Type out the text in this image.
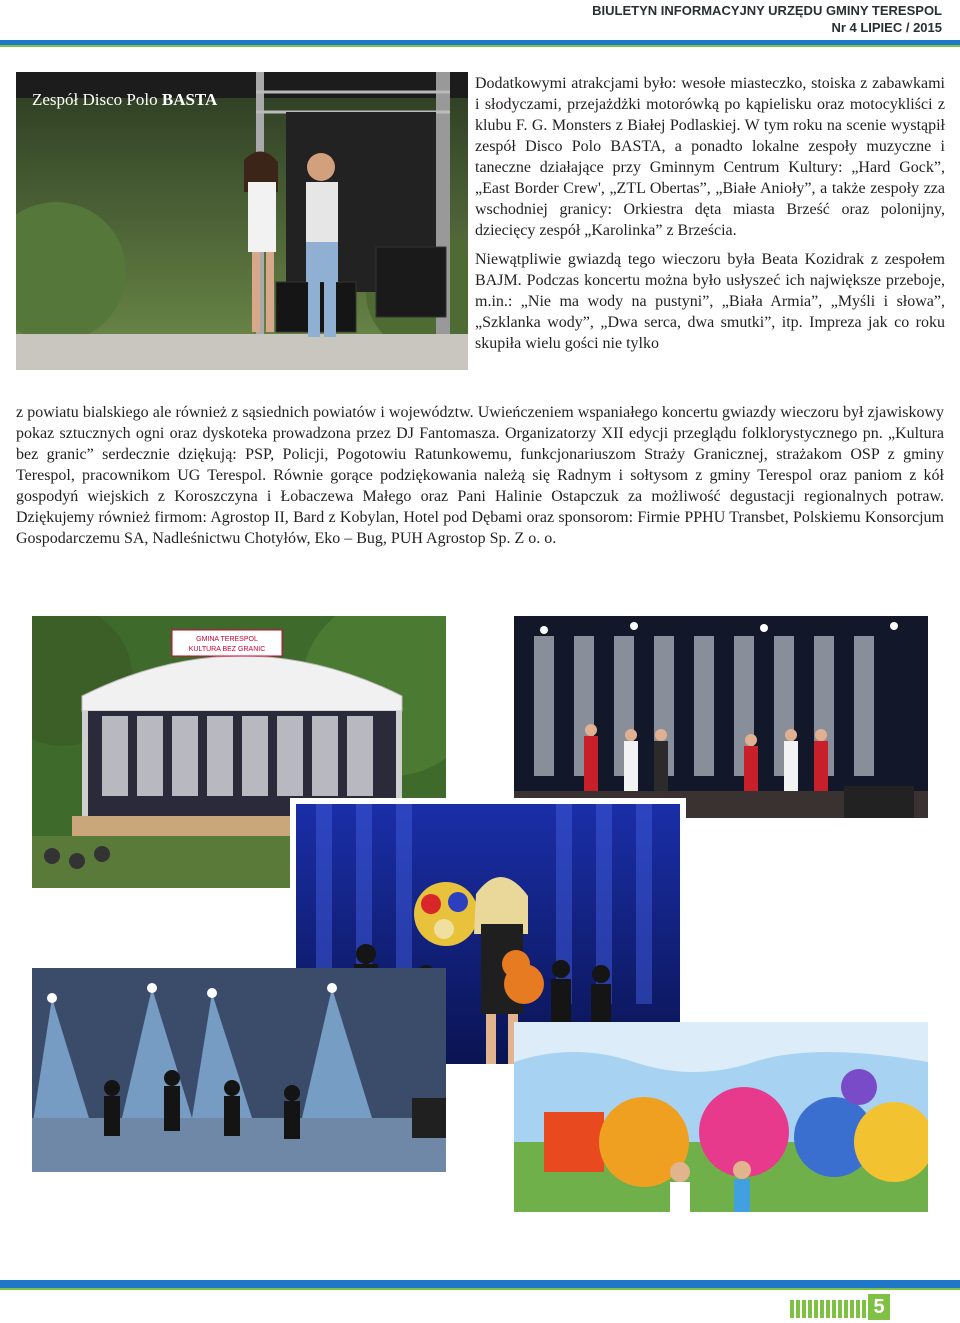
BIULETYN INFORMACYJNY URZĘDU GMINY TERESPOL
Nr 4 LIPIEC / 2015
Zespół Disco Polo BASTA

Dodatkowymi atrakcjami było: wesołe miasteczko, stoiska z zabawkami i słodyczami, przejażdżki motorówką po kąpielisku oraz motocykliści z klubu F. G. Monsters z Białej Podlaskiej. W tym roku na scenie wystąpił zespół Disco Polo BASTA, a ponadto lokalne zespoły muzyczne i taneczne działające przy Gminnym Centrum Kultury: „Hard Gock”, „East Border Crew', „ZTL Obertas”, „Białe Anioły”, a także zespoły zza wschodniej granicy: Orkiestra dęta miasta Brześć oraz polonijny, dziecięcy zespół „Karolinka” z Brześcia.

Niewątpliwie gwiazdą tego wieczoru była Beata Kozidrak z zespołem BAJM. Podczas koncertu można było usłyszeć ich największe przeboje, m.in.: „Nie ma wody na pustyni”, „Biała Armia”, „Myśli i słowa”, „Szklanka wody”, „Dwa serca, dwa smutki”, itp. Impreza jak co roku skupiła wielu gości nie tylko

z powiatu bialskiego ale również z sąsiednich powiatów i województw. Uwieńczeniem wspaniałego koncertu gwiazdy wieczoru był zjawiskowy pokaz sztucznych ogni oraz dyskoteka prowadzona przez DJ Fantomasza. Organizatorzy XII edycji przeglądu folklorystycznego pn. „Kultura bez granic” serdecznie dziękują: PSP, Policji, Pogotowiu Ratunkowemu, funkcjonariuszom Straży Granicznej, strażakom OSP z gminy Terespol, pracownikom UG Terespol. Równie gorące podziękowania należą się Radnym i sołtysom z gminy Terespol oraz paniom z kół gospodyń wiejskich z Koroszczyna i Łobaczewa Małego oraz Pani Halinie Ostapczuk za możliwość degustacji regionalnych potraw. Dziękujemy również firmom: Agrostop II, Bard z Kobylan, Hotel pod Dębami oraz sponsorom: Firmie PPHU Transbet, Polskiemu Konsorcjum Gospodarczemu SA, Nadleśnictwu Chotyłów, Eko – Bug, PUH Agrostop Sp. Z o. o.

GMINA TERESPOL
KULTURA BEZ GRANIC
5
